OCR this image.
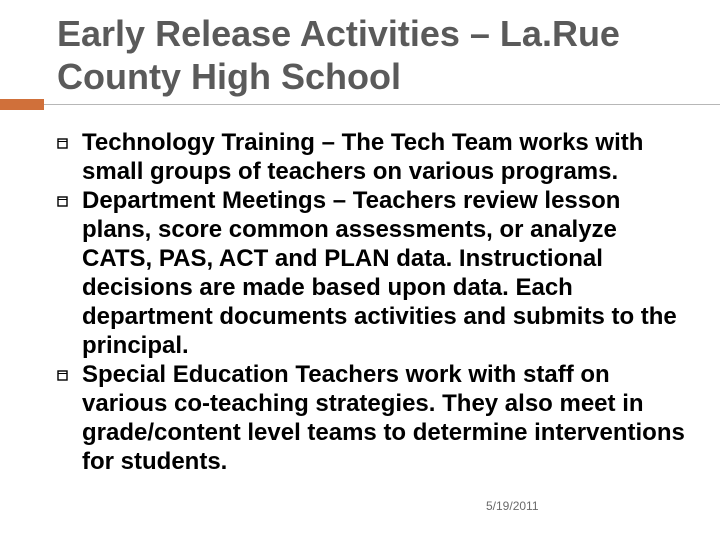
Early Release Activities – La.Rue County High School
Technology Training – The Tech Team works with small groups of teachers on various programs.
Department Meetings – Teachers review lesson plans, score common assessments, or analyze CATS, PAS, ACT and PLAN data. Instructional decisions are made based upon data. Each department documents activities and submits to the principal.
Special Education Teachers work with staff on various co-teaching strategies. They also meet in grade/content level teams to determine interventions for students.
5/19/2011
